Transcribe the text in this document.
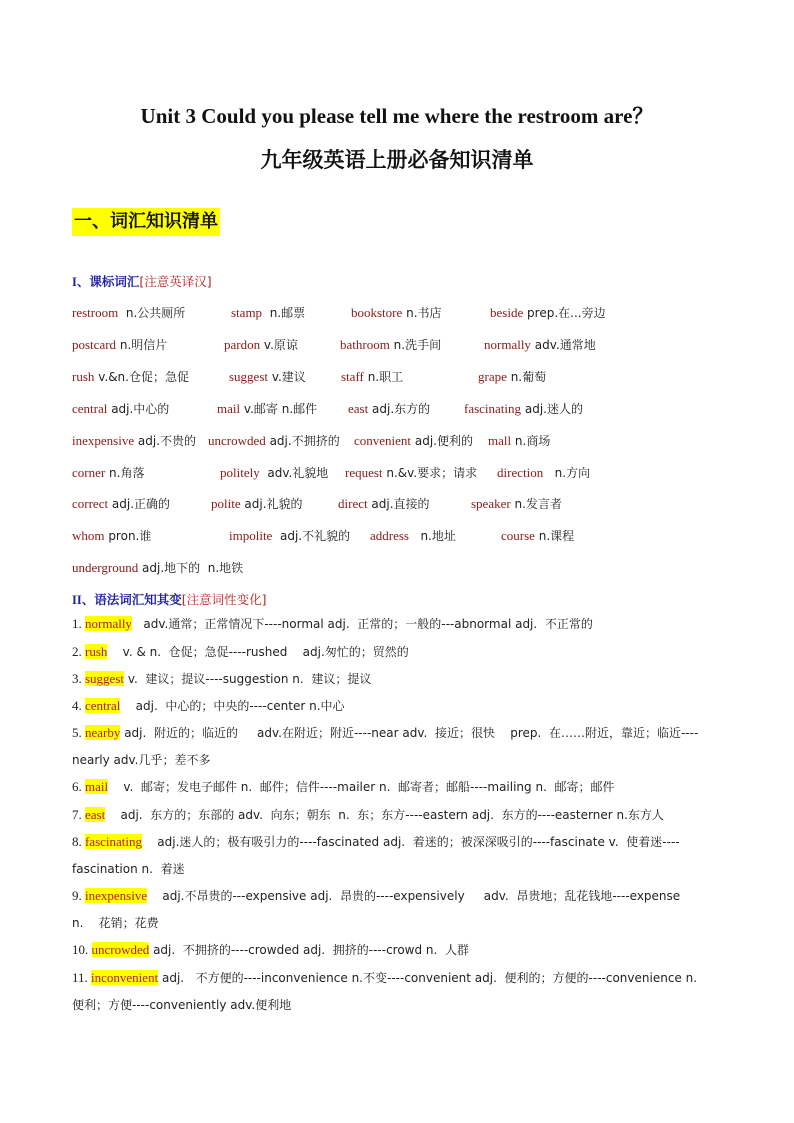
Unit 3 Could you please tell me where the restroom are？
九年级英语上册必备知识清单
一、词汇知识清单
I、课标词汇[注意英译汉]
restroom  n.公共厕所	stamp  n.邮票	bookstore n.书店	beside prep.在...旁边
postcard n.明信片	pardon v.原谅	bathroom n.洗手间	normally adv.通常地
rush v.&n.仓促；急促	suggest v.建议	staff n.职工	grape n.葡萄
central adj.中心的	mail v.邮寄 n.邮件 east adj.东方的	fascinating adj.迷人的
inexpensive adj.不贵的 uncrowded adj.不拥挤的 convenient adj.便利的 mall n.商场
corner n.角落	politely  adv.礼貌地 request n.&v.要求；请求 direction   n.方向
correct adj.正确的	polite adj.礼貌的	direct adj.直接的	speaker n.发言者
whom pron.谁	impolite  adj.不礼貌的 address   n.地址	course n.课程
underground adj.地下的  n.地铁
II、语法词汇知其变[注意词性变化]
1. normally   adv.通常；正常情况下----normal adj.  正常的；一般的---abnormal adj.  不正常的
2. rush    v. & n.  仓促；急促----rushed    adj.匆忙的；贸然的
3. suggest v.  建议；提议----suggestion n.  建议；提议
4. central    adj.  中心的；中央的----center n.中心
5. nearby adj.  附近的；临近的     adv.在附近；附近----near adv.  接近；很快    prep.  在……附近，靠近；临近----
nearly adv.几乎；差不多
6. mail    v.  邮寄；发电子邮件 n.  邮件；信件----mailer n.  邮寄者；邮船----mailing n.  邮寄；邮件
7. east    adj.  东方的；东部的 adv.  向东；朝东  n.  东；东方----eastern adj.  东方的----easterner n.东方人
8. fascinating    adj.迷人的；极有吸引力的----fascinated adj.  着迷的；被深深吸引的----fascinate v.  使着迷----
fascination n.  着迷
9. inexpensive    adj.不昂贵的---expensive adj.  昂贵的----expensively     adv.  昂贵地；乱花钱地----expense
n.    花销；花费
10. uncrowded adj.  不拥挤的----crowded adj.  拥挤的----crowd n.  人群
11. inconvenient adj.   不方便的----inconvenience n.不变----convenient adj.  便利的；方便的----convenience n.
便利；方便----conveniently adv.便利地
